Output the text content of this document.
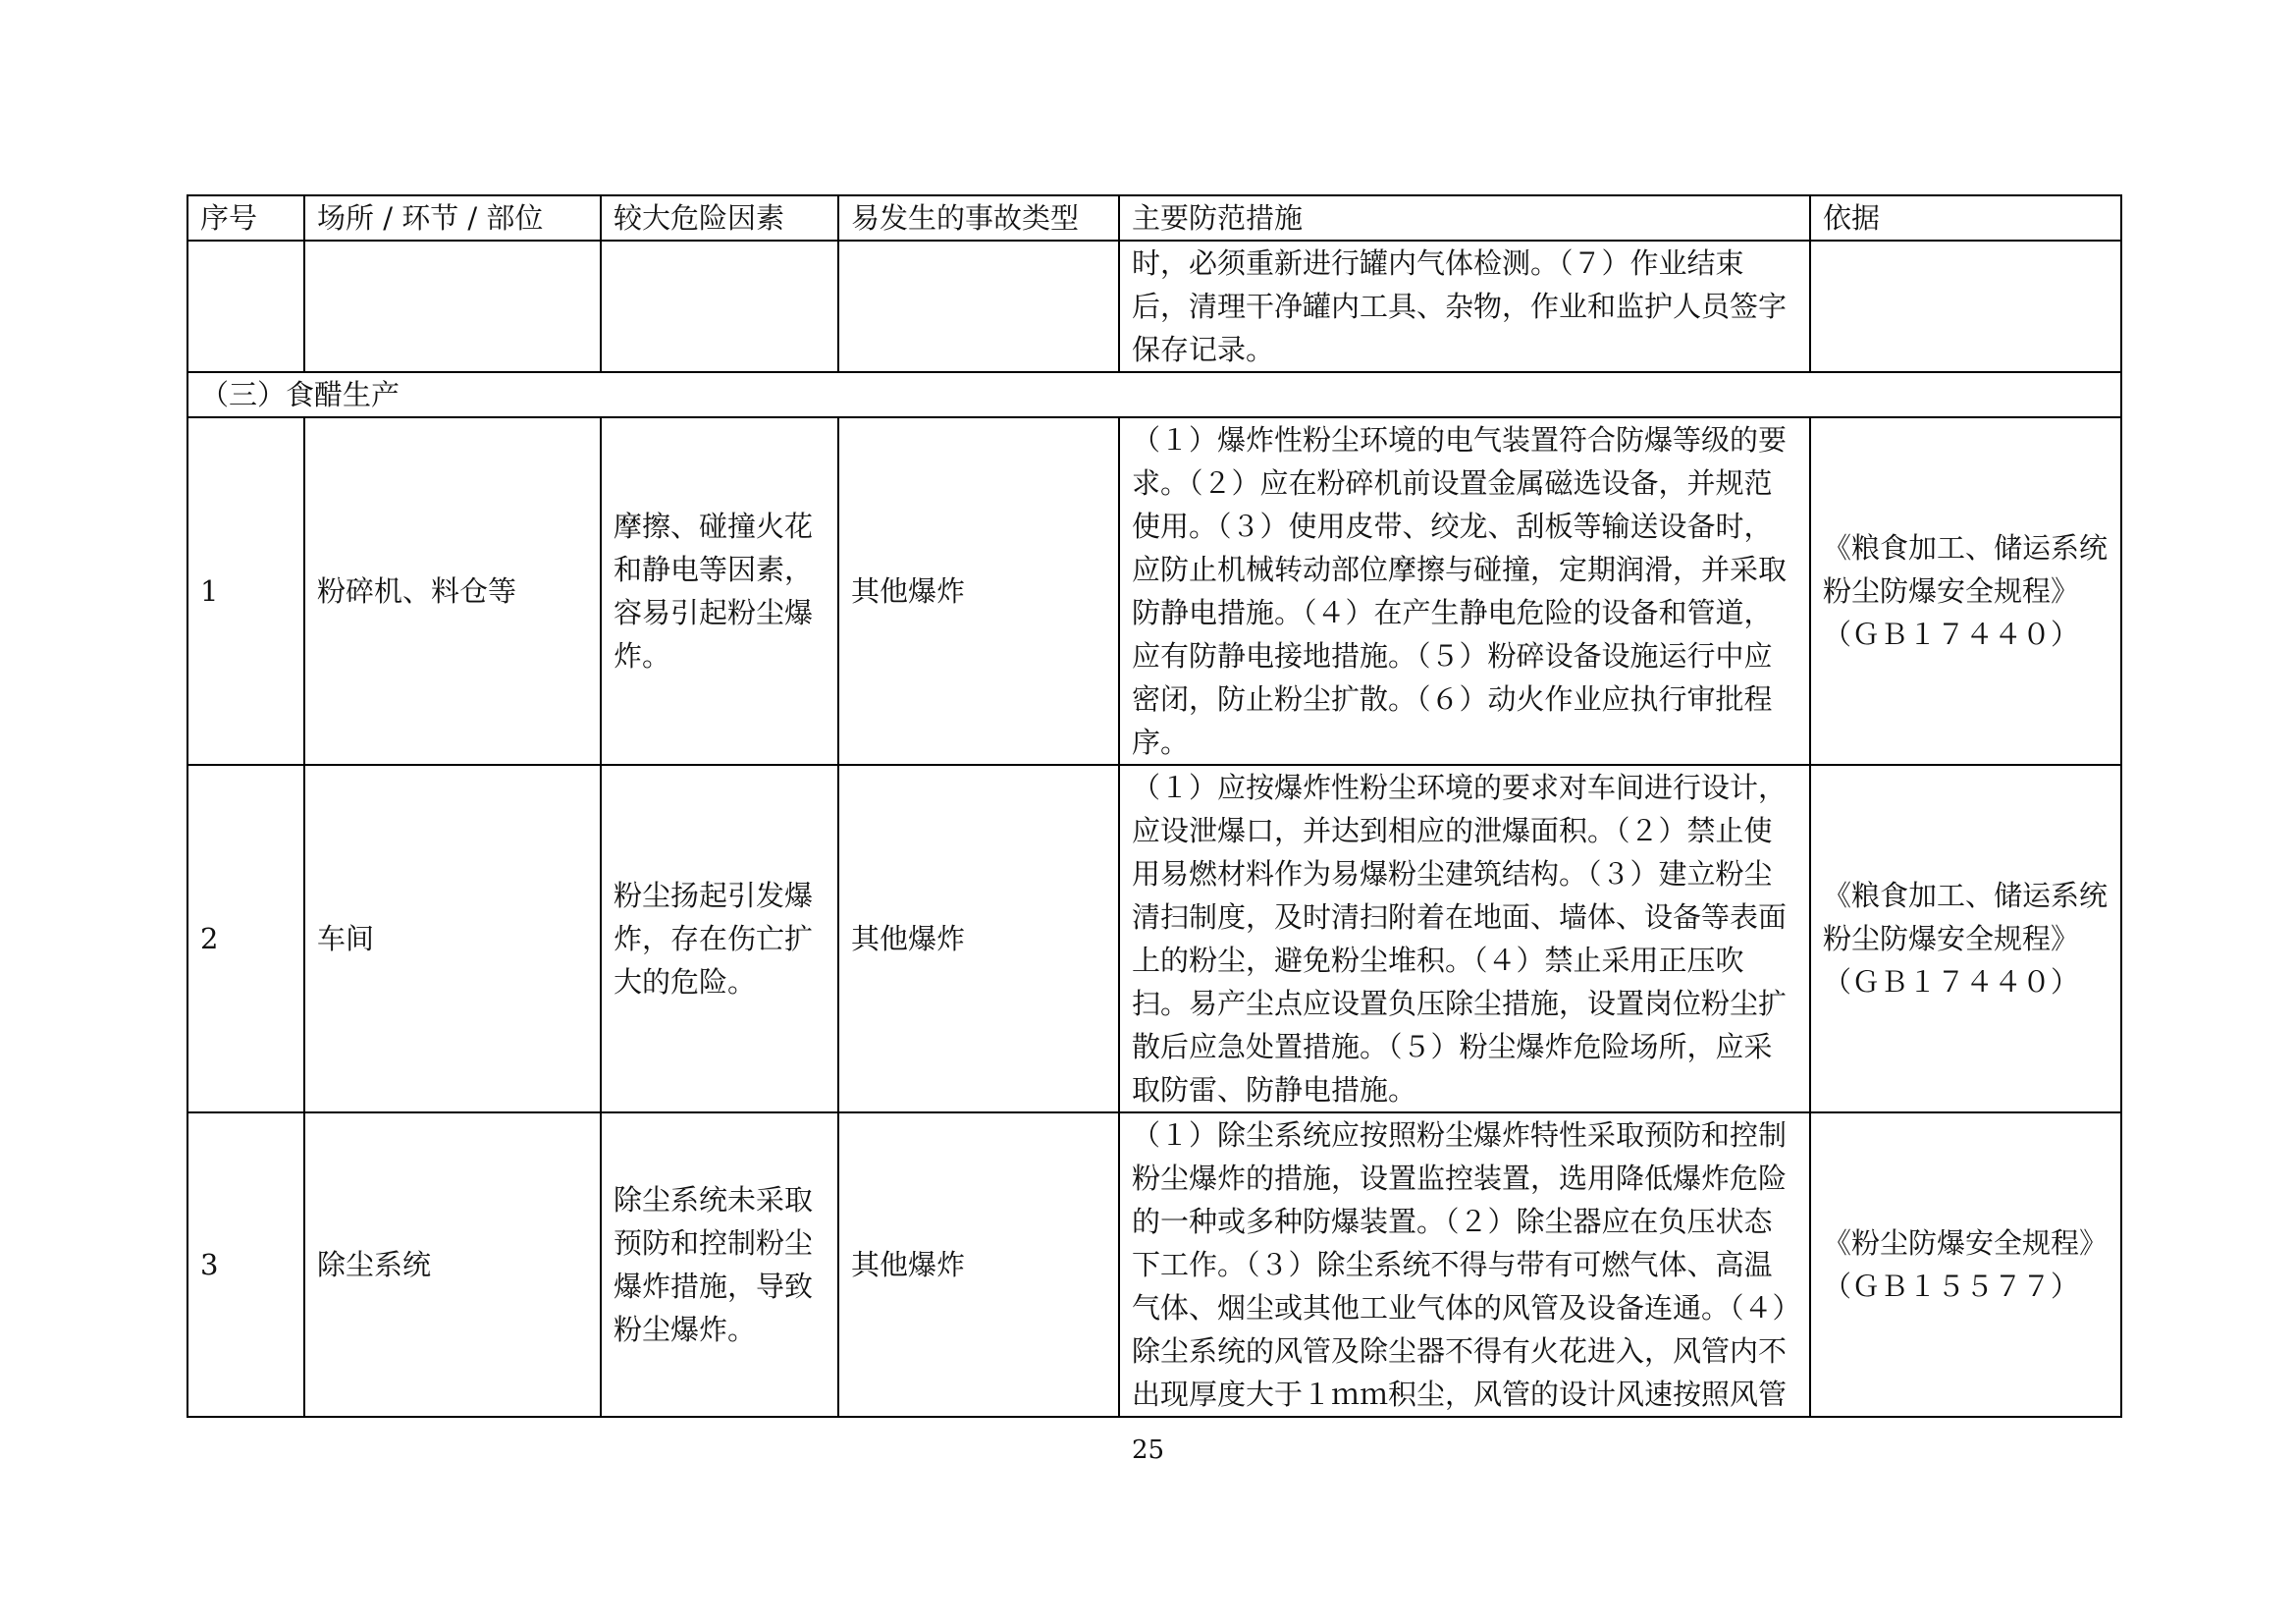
序号	场所 / 环节 / 部位	较大危险因素	易发生的事故类型	主要防范措施	依据
				时，必须重新进行罐内气体检测。（７）作业结束后，清理干净罐内工具、杂物，作业和监护人员签字保存记录。	
（三）食醋生产					
1	粉碎机、料仓等	摩擦、碰撞火花和静电等因素，容易引起粉尘爆炸。	其他爆炸	（１）爆炸性粉尘环境的电气装置符合防爆等级的要求。（２）应在粉碎机前设置金属磁选设备，并规范使用。（３）使用皮带、绞龙、刮板等输送设备时，应防止机械转动部位摩擦与碰撞，定期润滑，并采取防静电措施。（４）在产生静电危险的设备和管道，应有防静电接地措施。（５）粉碎设备设施运行中应密闭，防止粉尘扩散。（６）动火作业应执行审批程序。	《粮食加工、储运系统粉尘防爆安全规程》（ＧＢ１７４４０）
2	车间	粉尘扬起引发爆炸，存在伤亡扩大的危险。	其他爆炸	（１）应按爆炸性粉尘环境的要求对车间进行设计，应设泄爆口，并达到相应的泄爆面积。（２）禁止使用易燃材料作为易爆粉尘建筑结构。（３）建立粉尘清扫制度，及时清扫附着在地面、墙体、设备等表面上的粉尘，避免粉尘堆积。（４）禁止采用正压吹扫。易产尘点应设置负压除尘措施，设置岗位粉尘扩散后应急处置措施。（５）粉尘爆炸危险场所，应采取防雷、防静电措施。	《粮食加工、储运系统粉尘防爆安全规程》（ＧＢ１７４４０）
3	除尘系统	除尘系统未采取预防和控制粉尘爆炸措施，导致粉尘爆炸。	其他爆炸	（１）除尘系统应按照粉尘爆炸特性采取预防和控制粉尘爆炸的措施，设置监控装置，选用降低爆炸危险的一种或多种防爆装置。（２）除尘器应在负压状态下工作。（３）除尘系统不得与带有可燃气体、高温气体、烟尘或其他工业气体的风管及设备连通。（４）除尘系统的风管及除尘器不得有火花进入，风管内不出现厚度大于１ｍｍ积尘，风管的设计风速按照风管	《粉尘防爆安全规程》（ＧＢ１５５７７）
25
